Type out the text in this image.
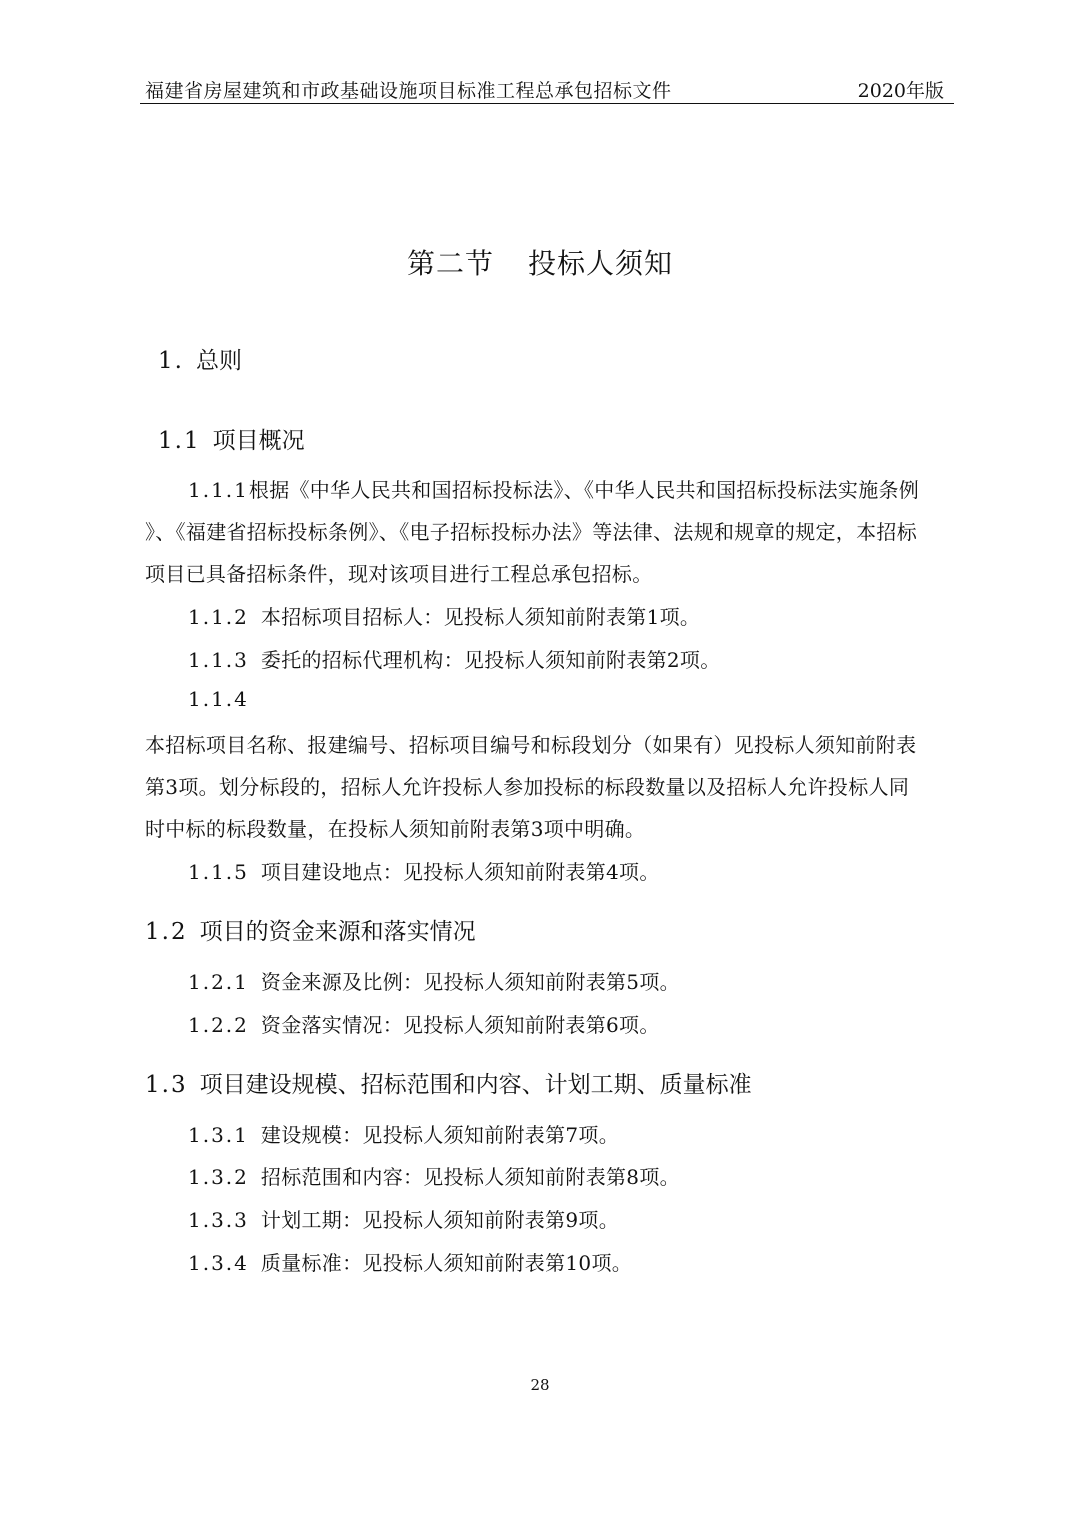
福建省房屋建筑和市政基础设施项目标准工程总承包招标文件	2020年版
第二节 投标人须知
1. 总则
1.1 项目概况
1.1.1根据《中华人民共和国招标投标法》、《中华人民共和国招标投标法实施条例
》、《福建省招标投标条例》、《电子招标投标办法》等法律、法规和规章的规定，本招标
项目已具备招标条件，现对该项目进行工程总承包招标。
1.1.2 本招标项目招标人：见投标人须知前附表第1项。
1.1.3 委托的招标代理机构：见投标人须知前附表第2项。
1.1.4
本招标项目名称、报建编号、招标项目编号和标段划分（如果有）见投标人须知前附表
第3项。划分标段的，招标人允许投标人参加投标的标段数量以及招标人允许投标人同
时中标的标段数量，在投标人须知前附表第3项中明确。
1.1.5 项目建设地点：见投标人须知前附表第4项。
1.2 项目的资金来源和落实情况
1.2.1 资金来源及比例：见投标人须知前附表第5项。
1.2.2 资金落实情况：见投标人须知前附表第6项。
1.3 项目建设规模、招标范围和内容、计划工期、质量标准
1.3.1 建设规模：见投标人须知前附表第7项。
1.3.2 招标范围和内容：见投标人须知前附表第8项。
1.3.3 计划工期：见投标人须知前附表第9项。
1.3.4 质量标准：见投标人须知前附表第10项。
28
